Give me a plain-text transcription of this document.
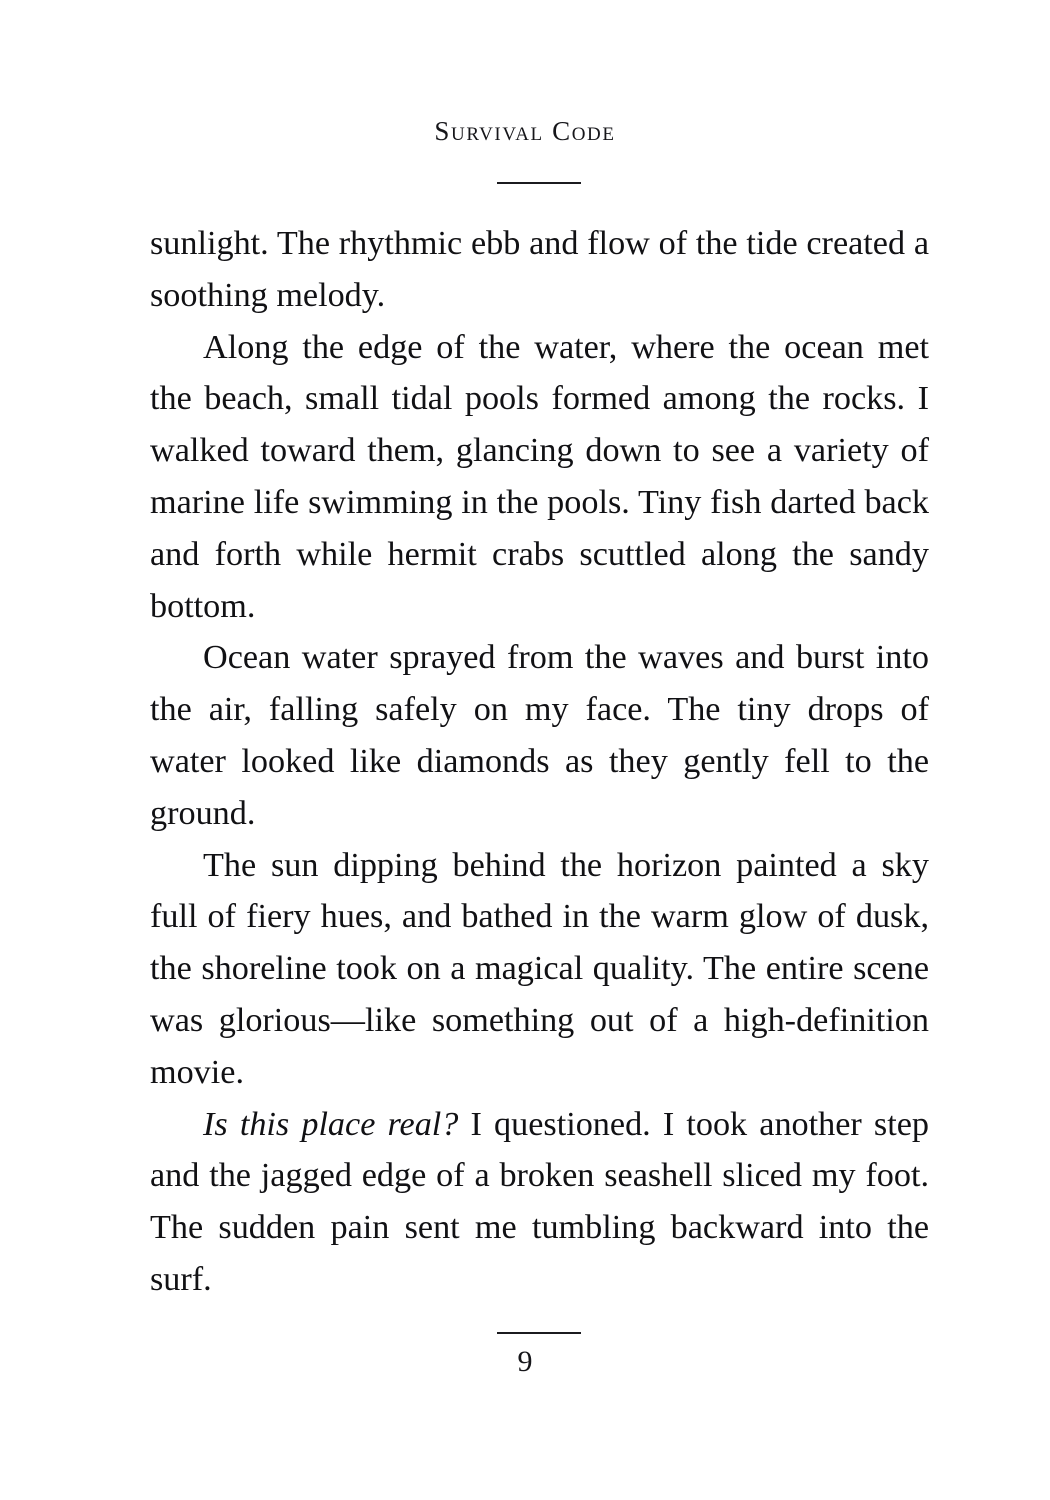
Survival Code

sunlight. The rhythmic ebb and flow of the tide created a soothing melody.

Along the edge of the water, where the ocean met the beach, small tidal pools formed among the rocks. I walked toward them, glancing down to see a variety of marine life swimming in the pools. Tiny fish darted back and forth while hermit crabs scuttled along the sandy bottom.

Ocean water sprayed from the waves and burst into the air, falling safely on my face. The tiny drops of water looked like diamonds as they gently fell to the ground.

The sun dipping behind the horizon painted a sky full of fiery hues, and bathed in the warm glow of dusk, the shoreline took on a magical quality. The entire scene was glorious—like something out of a high-definition movie.

Is this place real? I questioned. I took another step and the jagged edge of a broken seashell sliced my foot. The sudden pain sent me tumbling backward into the surf.

9
